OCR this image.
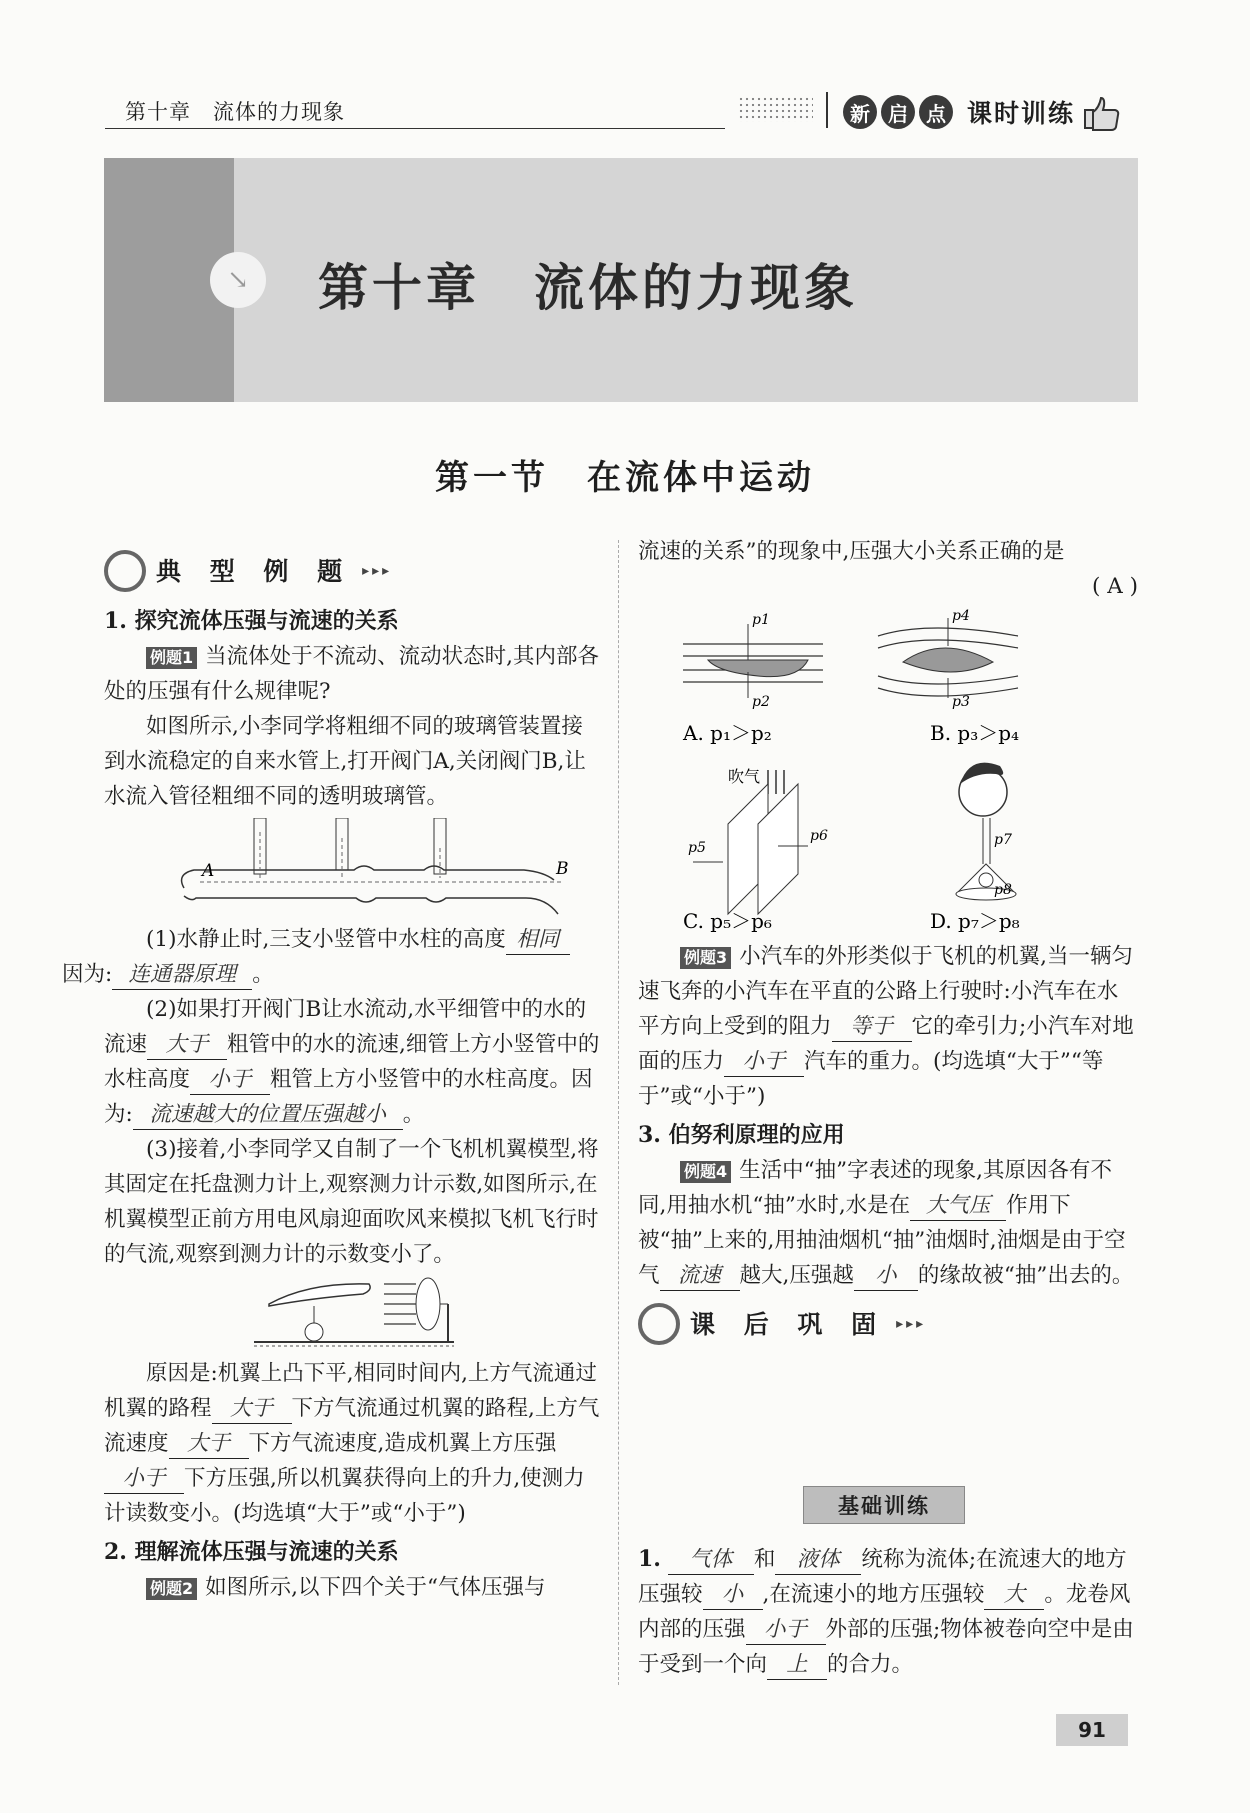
第十章　流体的力现象	新 启 点 课时训练
↘	第十章　流体的力现象
第一节　在流体中运动
典 型 例 题 ▸▸▸
1. 探究流体压强与流速的关系

例题1 当流体处于不流动、流动状态时,其内部各处的压强有什么规律呢?

如图所示,小李同学将粗细不同的玻璃管装置接到水流稳定的自来水管上,打开阀门A,关闭阀门B,让水流入管径粗细不同的透明玻璃管。

A	B

(1)水静止时,三支小竖管中水柱的高度 相同
因为: 连通器原理 。

(2)如果打开阀门B让水流动,水平细管中的水的流速 大于 粗管中的水的流速,细管上方小竖管中的水柱高度 小于 粗管上方小竖管中的水柱高度。因为: 流速越大的位置压强越小 。

(3)接着,小李同学又自制了一个飞机机翼模型,将其固定在托盘测力计上,观察测力计示数,如图所示,在机翼模型正前方用电风扇迎面吹风来模拟飞机飞行时的气流,观察到测力计的示数变小了。

原因是:机翼上凸下平,相同时间内,上方气流通过机翼的路程 大于 下方气流通过机翼的路程,上方气流速度 大于 下方气流速度,造成机翼上方压强小于 下方压强,所以机翼获得向上的升力,使测力计读数变小。(均选填“大于”或“小于”)

2. 理解流体压强与流速的关系

例题2 如图所示,以下四个关于“气体压强与

流速的关系”的现象中,压强大小关系正确的是

( A )
p1
p2
A. p₁＞p₂
p4
p3
B. p₃＞p₄
吹气
p5
p6
C. p₅＞p₆
p7
p8
D. p₇＞p₈

例题3 小汽车的外形类似于飞机的机翼,当一辆匀速飞奔的小汽车在平直的公路上行驶时:小汽车在水平方向上受到的阻力 等于 它的牵引力;小汽车对地面的压力 小于 汽车的重力。(均选填“大于”“等于”或“小于”)

3. 伯努利原理的应用

例题4 生活中“抽”字表述的现象,其原因各有不同,用抽水机“抽”水时,水是在 大气压 作用下被“抽”上来的,用抽油烟机“抽”油烟时,油烟是由于空气 流速 越大,压强越 小 的缘故被“抽”出去的。

课 后 巩 固 ▸▸▸
基础训练

1. 气体 和 液体 统称为流体;在流速大的地方压强较 小 ,在流速小的地方压强较 大 。龙卷风内部的压强 小于 外部的压强;物体被卷向空中是由于受到一个向 上 的合力。

91
